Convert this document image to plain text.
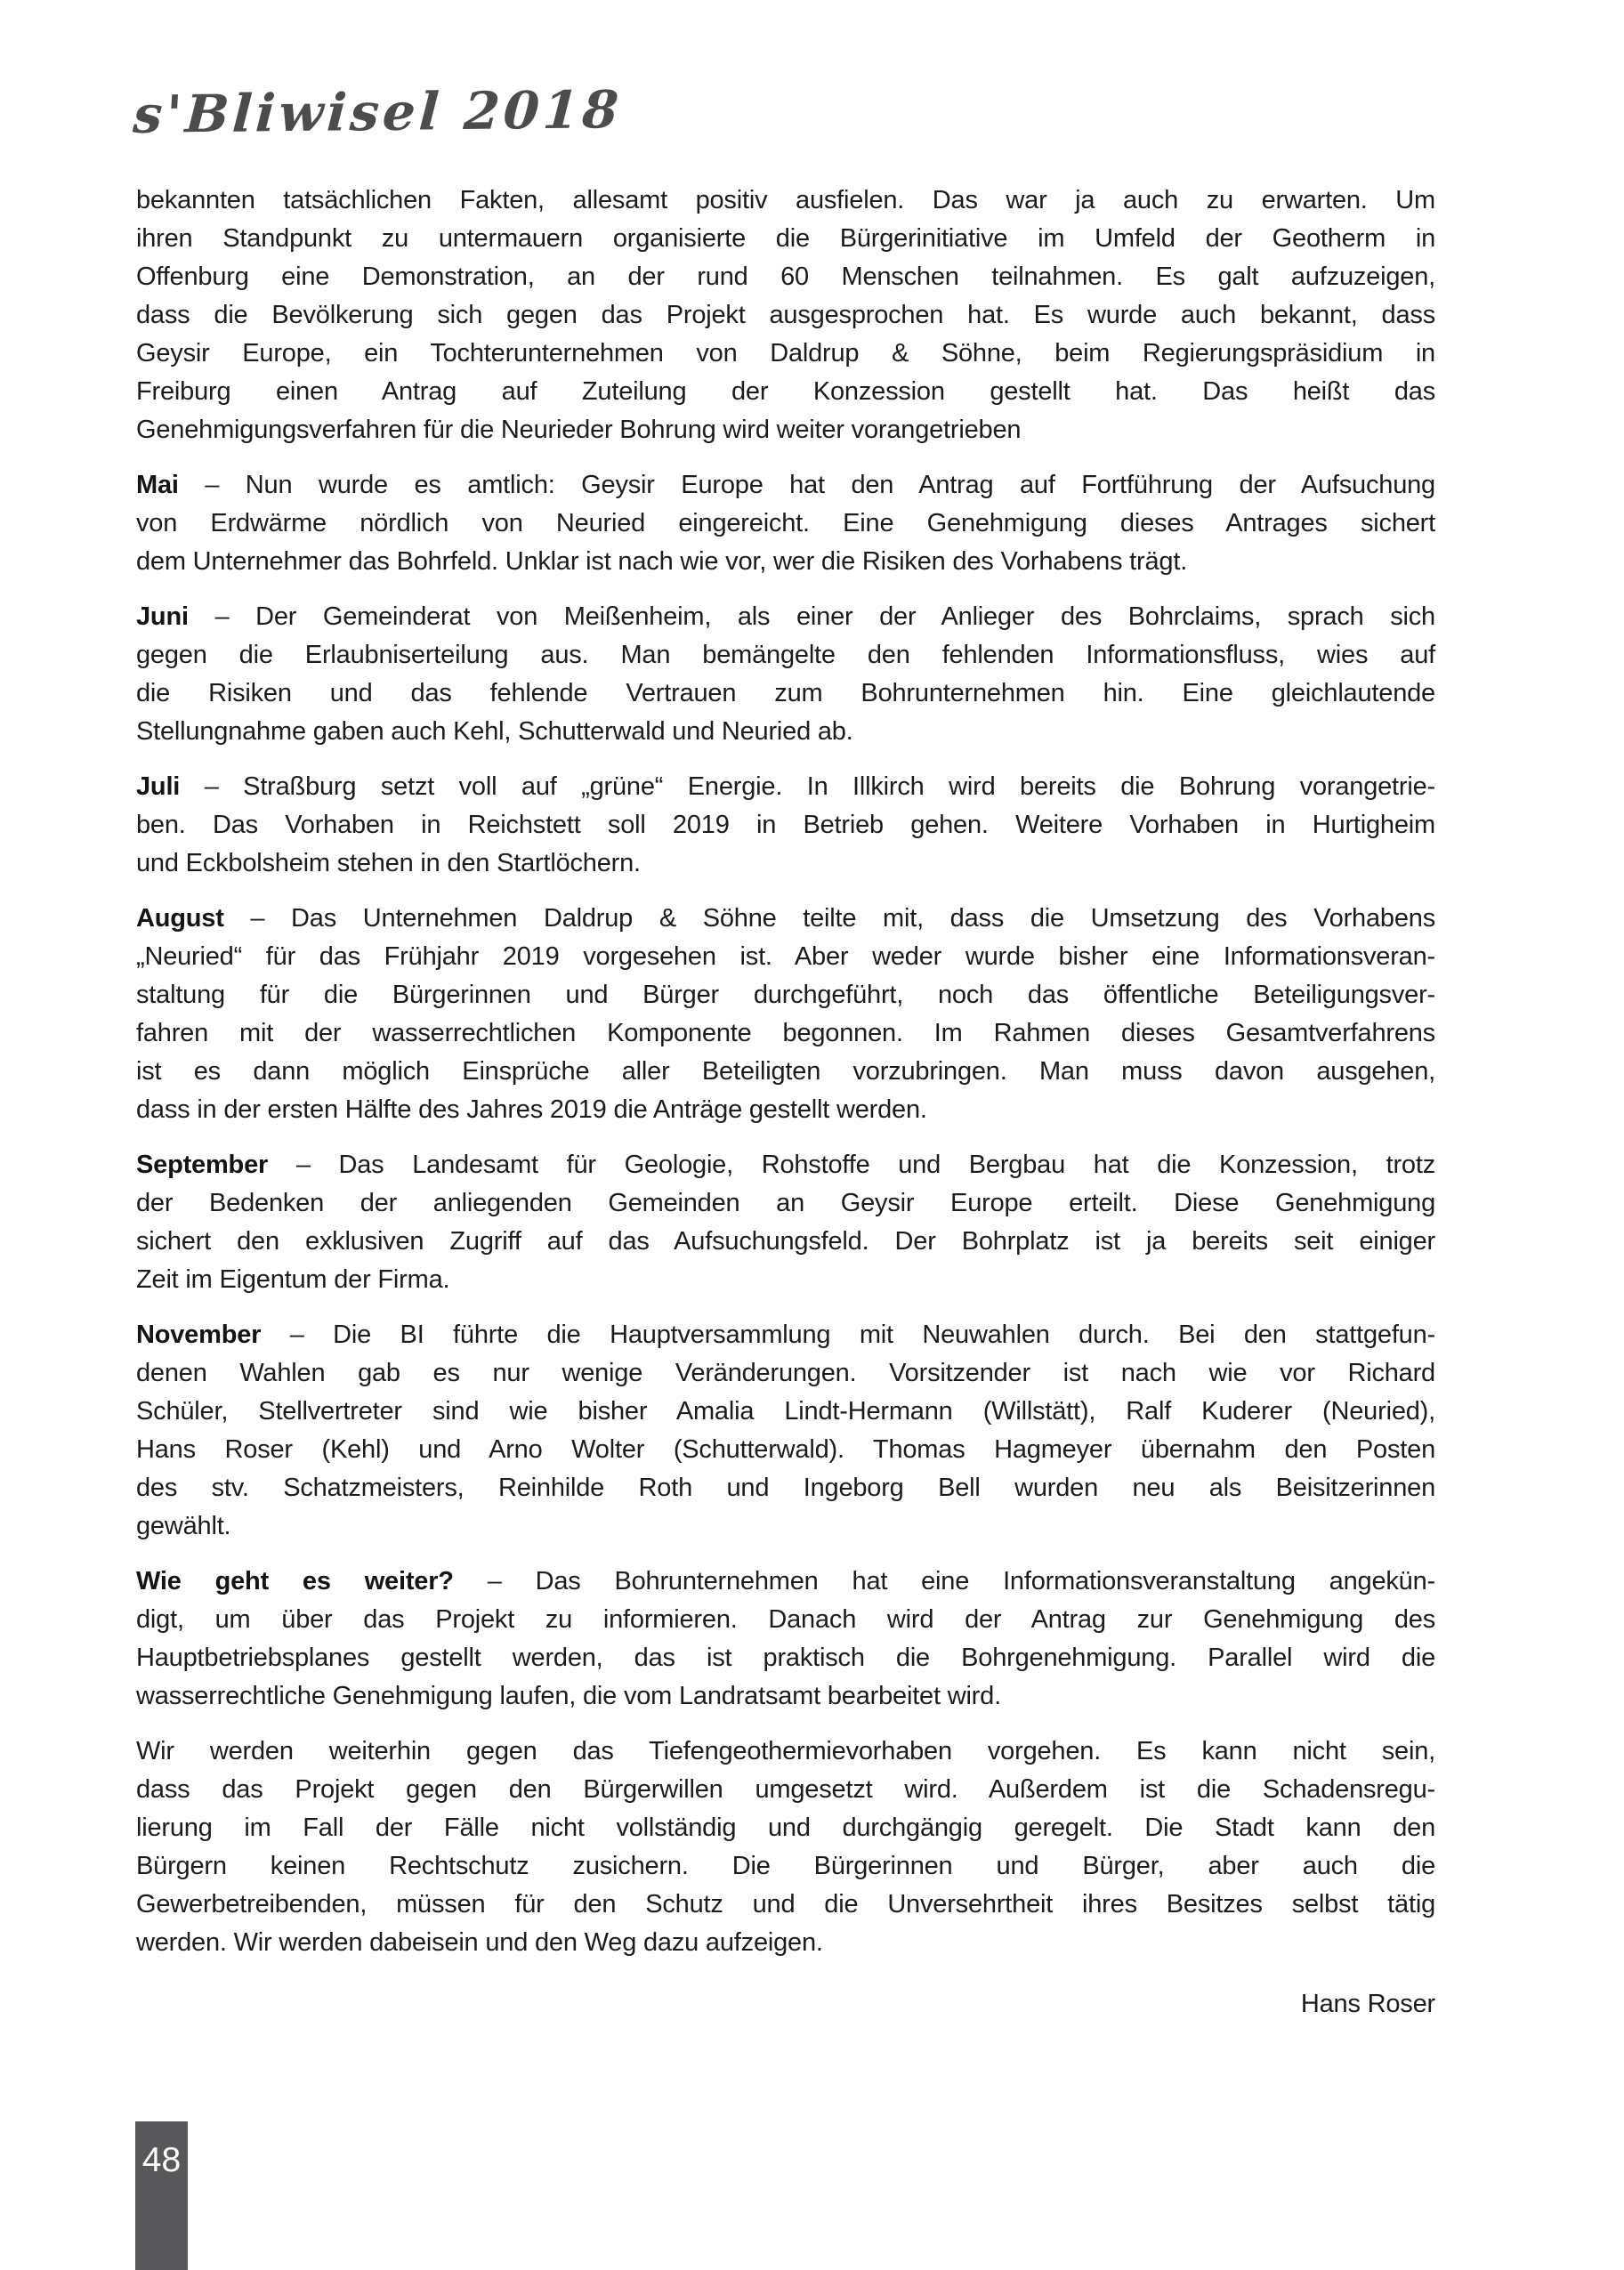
s'Bliwisel 2018

bekannten tatsächlichen Fakten, allesamt positiv ausfielen. Das war ja auch zu erwarten. Um
ihren Standpunkt zu untermauern organisierte die Bürgerinitiative im Umfeld der Geotherm in
Offenburg eine Demonstration, an der rund 60 Menschen teilnahmen. Es galt aufzuzeigen,
dass die Bevölkerung sich gegen das Projekt ausgesprochen hat. Es wurde auch bekannt, dass
Geysir Europe, ein Tochterunternehmen von Daldrup & Söhne, beim Regierungspräsidium in
Freiburg einen Antrag auf Zuteilung der Konzession gestellt hat. Das heißt das
Genehmigungsverfahren für die Neurieder Bohrung wird weiter vorangetrieben

Mai – Nun wurde es amtlich: Geysir Europe hat den Antrag auf Fortführung der Aufsuchung
von Erdwärme nördlich von Neuried eingereicht. Eine Genehmigung dieses Antrages sichert
dem Unternehmer das Bohrfeld. Unklar ist nach wie vor, wer die Risiken des Vorhabens trägt.

Juni – Der Gemeinderat von Meißenheim, als einer der Anlieger des Bohrclaims, sprach sich
gegen die Erlaubniserteilung aus. Man bemängelte den fehlenden Informationsfluss, wies auf
die Risiken und das fehlende Vertrauen zum Bohrunternehmen hin. Eine gleichlautende
Stellungnahme gaben auch Kehl, Schutterwald und Neuried ab.

Juli – Straßburg setzt voll auf „grüne“ Energie. In Illkirch wird bereits die Bohrung vorangetrie-
ben. Das Vorhaben in Reichstett soll 2019 in Betrieb gehen. Weitere Vorhaben in Hurtigheim
und Eckbolsheim stehen in den Startlöchern.

August – Das Unternehmen Daldrup & Söhne teilte mit, dass die Umsetzung des Vorhabens
„Neuried“ für das Frühjahr 2019 vorgesehen ist. Aber weder wurde bisher eine Informationsveran-
staltung für die Bürgerinnen und Bürger durchgeführt, noch das öffentliche Beteiligungsver-
fahren mit der wasserrechtlichen Komponente begonnen. Im Rahmen dieses Gesamtverfahrens
ist es dann möglich Einsprüche aller Beteiligten vorzubringen. Man muss davon ausgehen,
dass in der ersten Hälfte des Jahres 2019 die Anträge gestellt werden.

September – Das Landesamt für Geologie, Rohstoffe und Bergbau hat die Konzession, trotz
der Bedenken der anliegenden Gemeinden an Geysir Europe erteilt. Diese Genehmigung
sichert den exklusiven Zugriff auf das Aufsuchungsfeld. Der Bohrplatz ist ja bereits seit einiger
Zeit im Eigentum der Firma.

November – Die BI führte die Hauptversammlung mit Neuwahlen durch. Bei den stattgefun-
denen Wahlen gab es nur wenige Veränderungen. Vorsitzender ist nach wie vor Richard
Schüler, Stellvertreter sind wie bisher Amalia Lindt-Hermann (Willstätt), Ralf Kuderer (Neuried),
Hans Roser (Kehl) und Arno Wolter (Schutterwald). Thomas Hagmeyer übernahm den Posten
des stv. Schatzmeisters, Reinhilde Roth und Ingeborg Bell wurden neu als Beisitzerinnen
gewählt.

Wie geht es weiter? – Das Bohrunternehmen hat eine Informationsveranstaltung angekün-
digt, um über das Projekt zu informieren. Danach wird der Antrag zur Genehmigung des
Hauptbetriebsplanes gestellt werden, das ist praktisch die Bohrgenehmigung. Parallel wird die
wasserrechtliche Genehmigung laufen, die vom Landratsamt bearbeitet wird.

Wir werden weiterhin gegen das Tiefengeothermievorhaben vorgehen. Es kann nicht sein,
dass das Projekt gegen den Bürgerwillen umgesetzt wird. Außerdem ist die Schadensregu-
lierung im Fall der Fälle nicht vollständig und durchgängig geregelt. Die Stadt kann den
Bürgern keinen Rechtschutz zusichern. Die Bürgerinnen und Bürger, aber auch die
Gewerbetreibenden, müssen für den Schutz und die Unversehrtheit ihres Besitzes selbst tätig
werden. Wir werden dabeisein und den Weg dazu aufzeigen.

Hans Roser
48
